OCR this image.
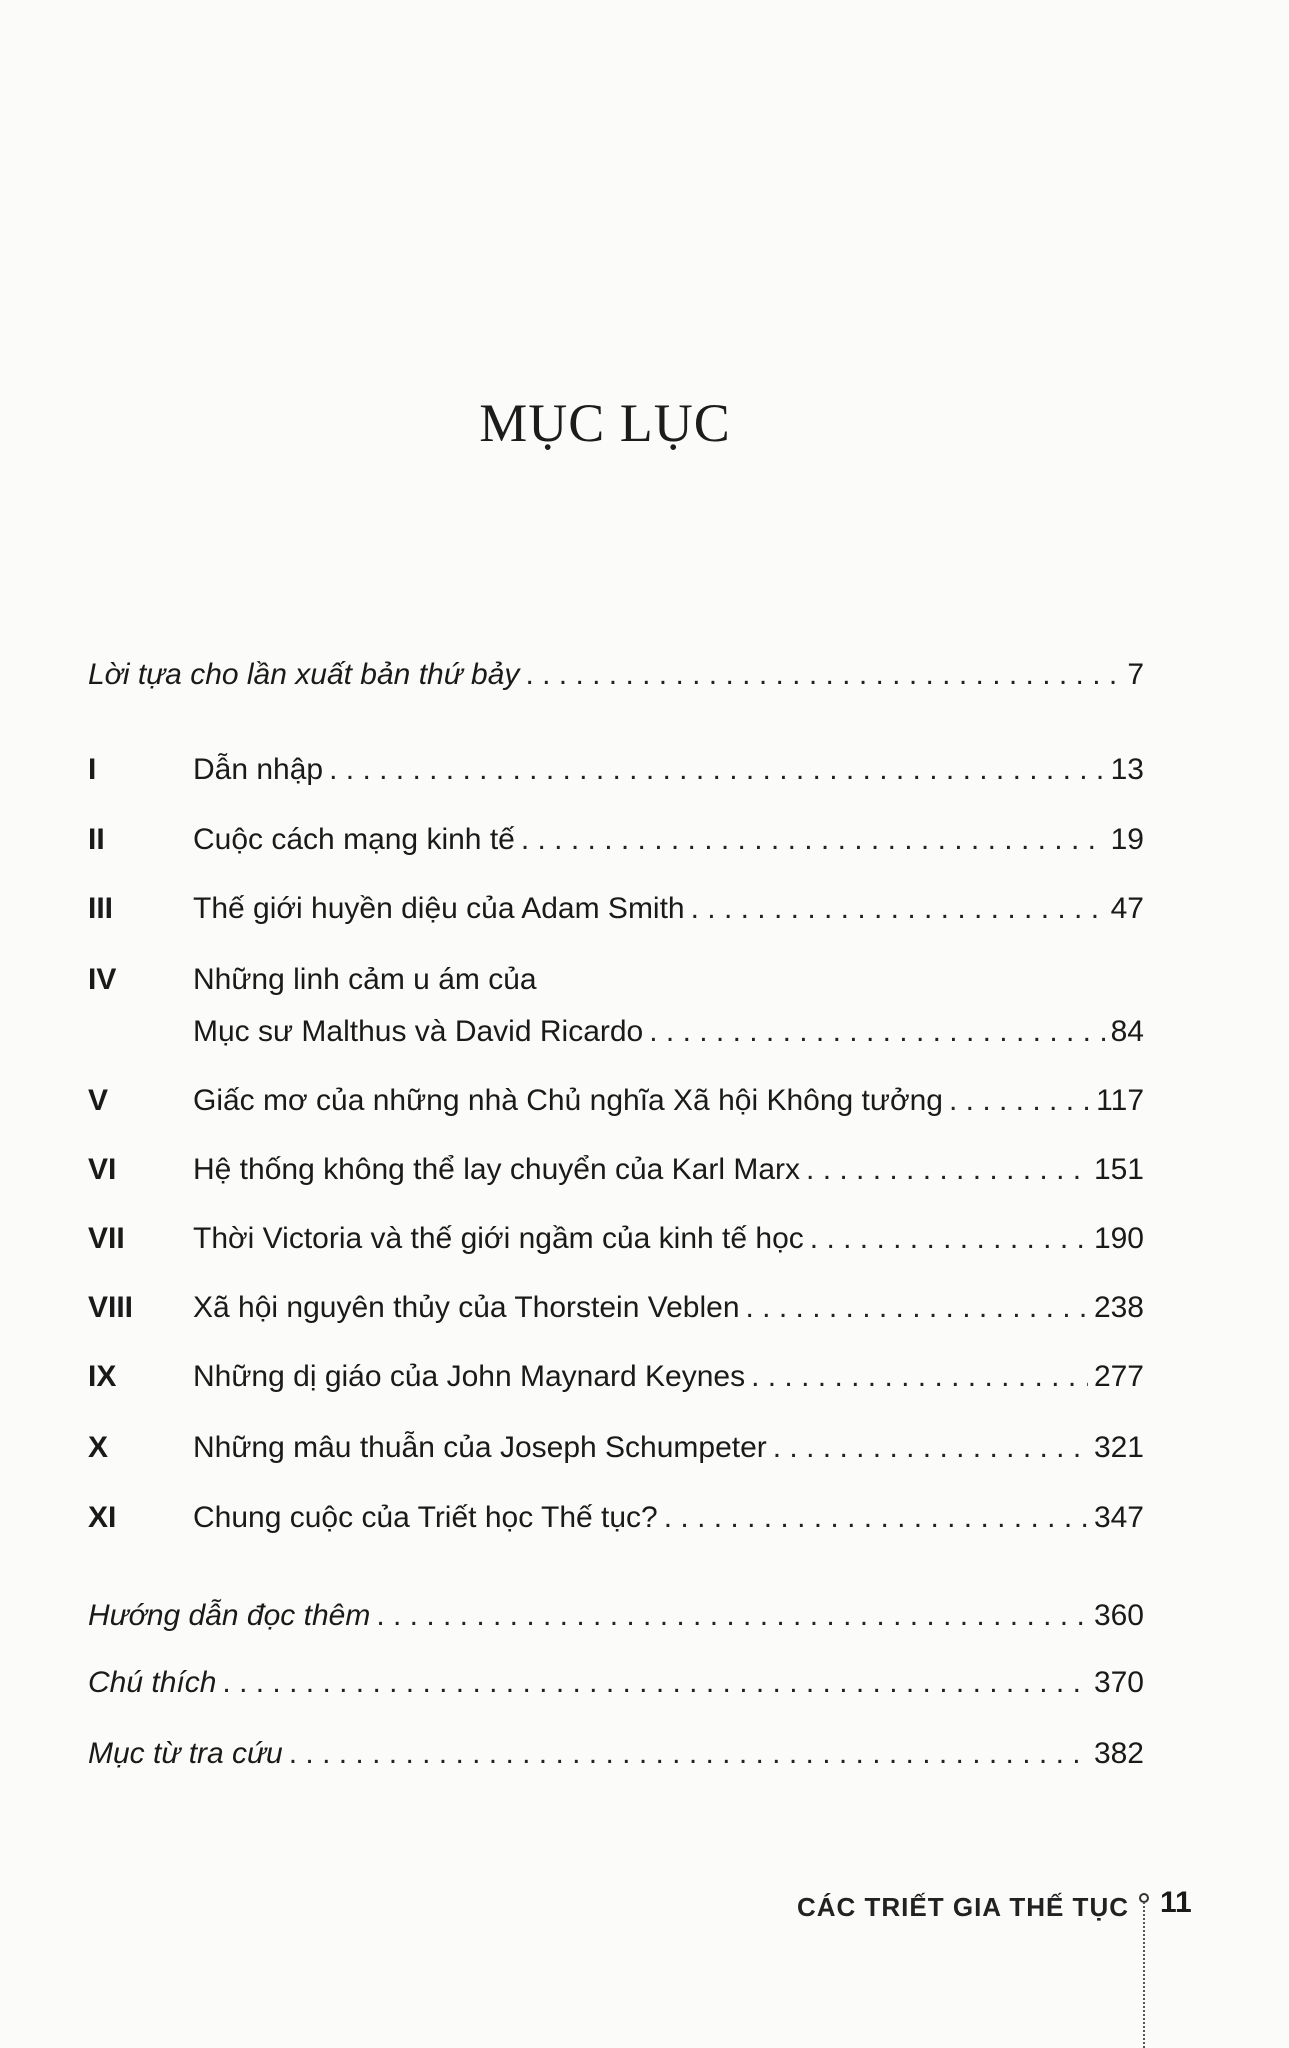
MỤC LỤC
Lời tựa cho lần xuất bản thứ bảy . . .	7
I	Dẫn nhập . . .	13
II	Cuộc cách mạng kinh tế . . .	19
III	Thế giới huyền diệu của Adam Smith . . .	47
IV	Những linh cảm u ám của
Mục sư Malthus và David Ricardo . . .	84
V	Giấc mơ của những nhà Chủ nghĩa Xã hội Không tưởng . . .	117
VI	Hệ thống không thể lay chuyển của Karl Marx . . .	151
VII	Thời Victoria và thế giới ngầm của kinh tế học . . .	190
VIII	Xã hội nguyên thủy của Thorstein Veblen . . .	238
IX	Những dị giáo của John Maynard Keynes . . .	277
X	Những mâu thuẫn của Joseph Schumpeter . . .	321
XI	Chung cuộc của Triết học Thế tục? . . .	347
Hướng dẫn đọc thêm . . .	360
Chú thích . . .	370
Mục từ tra cứu . . .	382
CÁC TRIẾT GIA THẾ TỤC 11
